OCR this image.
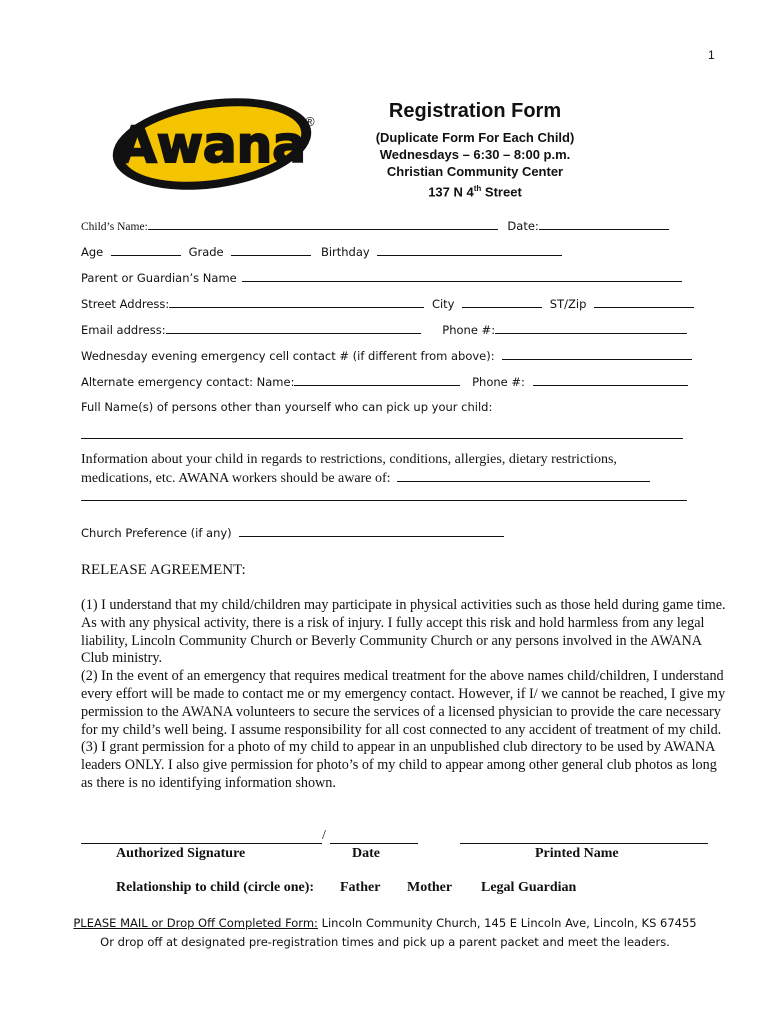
1
Awana ®	Registration Form
(Duplicate Form For Each Child)
Wednesdays – 6:30 – 8:00 p.m.
Christian Community Center
137 N 4th Street
Child’s Name:	Date:
Age	Grade	Birthday
Parent or Guardian’s Name
Street Address:	City	ST/Zip
Email address:	Phone #:
Wednesday evening emergency cell contact # (if different from above):
Alternate emergency contact: Name:	Phone #:
Full Name(s) of persons other than yourself who can pick up your child:
Information about your child in regards to restrictions, conditions, allergies, dietary restrictions,
medications, etc. AWANA workers should be aware of:
Church Preference (if any)
RELEASE AGREEMENT:

(1) I understand that my child/children may participate in physical activities such as those held during game time. As with any physical activity, there is a risk of injury. I fully accept this risk and hold harmless from any legal liability, Lincoln Community Church or Beverly Community Church or any persons involved in the AWANA Club ministry.

(2) In the event of an emergency that requires medical treatment for the above names child/children, I understand every effort will be made to contact me or my emergency contact. However, if I/ we cannot be reached, I give my permission to the AWANA volunteers to secure the services of a licensed physician to provide the care necessary for my child’s well being. I assume responsibility for all cost connected to any accident of treatment of my child.

(3) I grant permission for a photo of my child to appear in an unpublished club directory to be used by AWANA leaders ONLY. I also give permission for photo’s of my child to appear among other general club photos as long as there is no identifying information shown.

/
Authorized Signature	Date	Printed Name
Relationship to child (circle one): Father Mother Legal Guardian
PLEASE MAIL or Drop Off Completed Form: Lincoln Community Church, 145 E Lincoln Ave, Lincoln, KS 67455
Or drop off at designated pre-registration times and pick up a parent packet and meet the leaders.
